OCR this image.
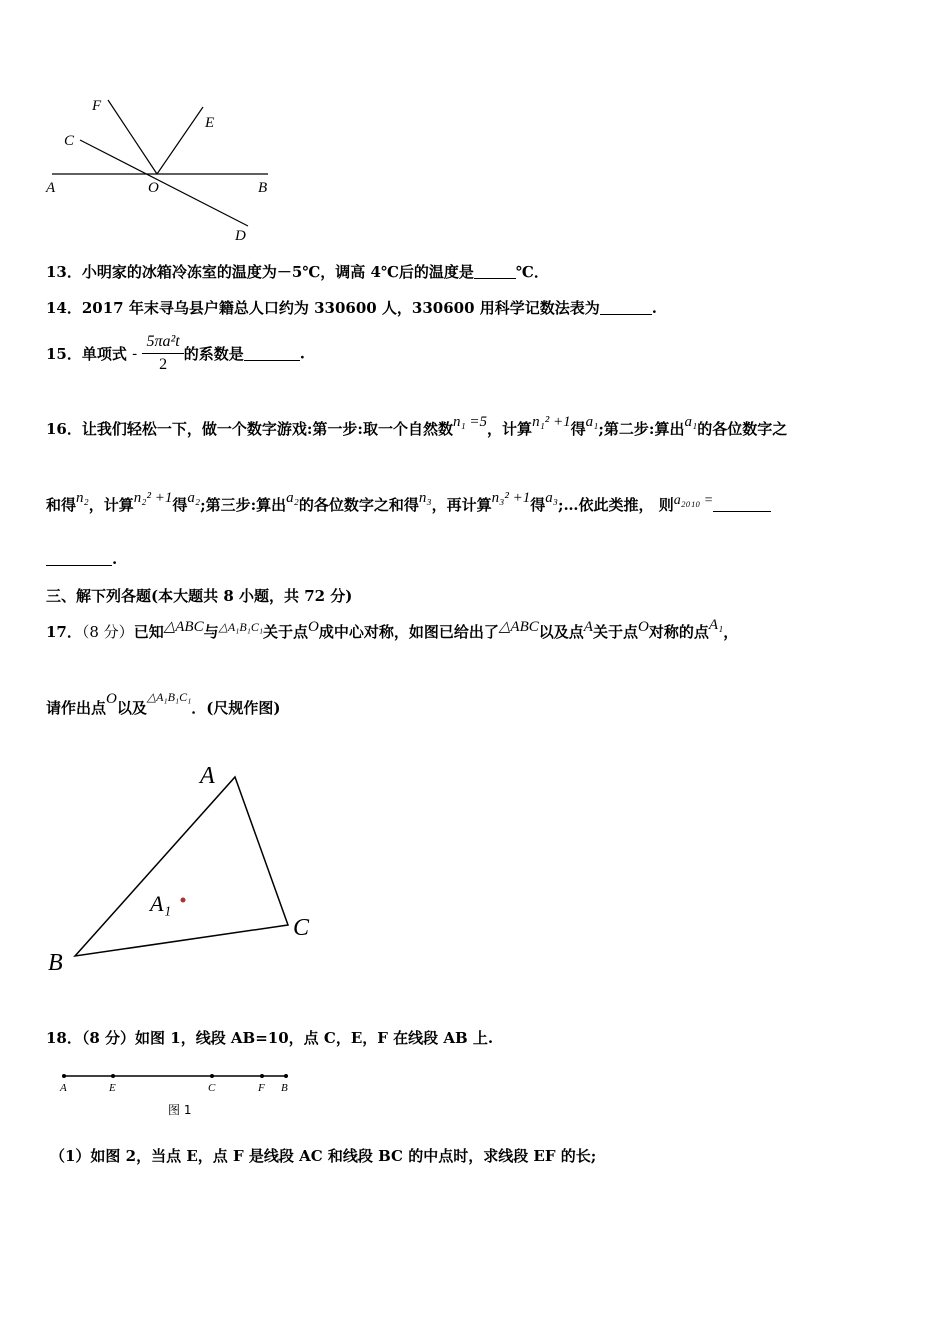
F
E
C
A	O	B
D
13．小明家的冰箱冷冻室的温度为－5℃，调高 4℃后的温度是	℃．
14．2017 年末寻乌县户籍总人口约为 330600 人，330600 用科学记数法表为	.
15．单项式 - $\frac{\text{5πa²t}}{2}$ 的系数是	.
16．让我们轻松一下，做一个数字游戏:第一步:取一个自然数n₁ =5，计算n₁² +1得a₁;第二步:算出a₁的各位数字之
和得n₂，计算n₂² +1得a₂;第三步:算出a₂的各位数字之和得n₃，再计算n₃² +1得a₃;…依此类推， 则a₂₀₁₀ =
.
三、解下列各题(本大题共 8 小题，共 72 分)
17．（8 分）已知△ABC与$^{\triangle A_1B_1C_1}$关于点O成中心对称，如图已给出了△ABC以及点A关于点O对称的点A₁，
请作出点O以及$^{\triangle A_1B_1C_1}$．(尺规作图)
A
B
C
A₁
18．（8 分）如图 1，线段 AB=10，点 C，E，F 在线段 AB 上.
A	E	C	F B
图 1
（1）如图 2，当点 E，点 F 是线段 AC 和线段 BC 的中点时，求线段 EF 的长;
